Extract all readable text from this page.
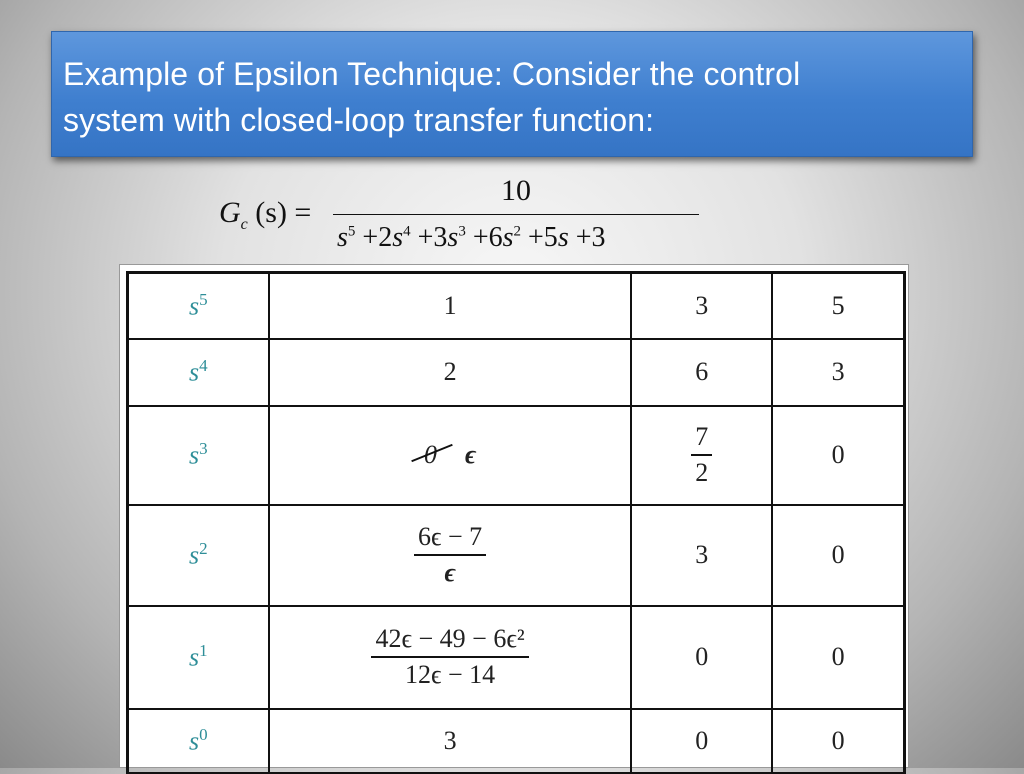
Example of Epsilon Technique: Consider the control
system with closed-loop transfer function:
$G_c$ (s) =
10
$s^5 +2s^4 +3s^3 +6s^2 +5s +3$
$s^5$	1	3	5
$s^4$	2	6	3
$s^3$	0 ϵ	$\frac{7}{2}$	0
$s^2$	$\frac{6\epsilon - 7}{\epsilon}$	3	0
$s^1$	$\frac{\text{42ϵ − 49 − 6ϵ²}}{12\epsilon - 14}$	0	0
$s^0$	3	0	0
